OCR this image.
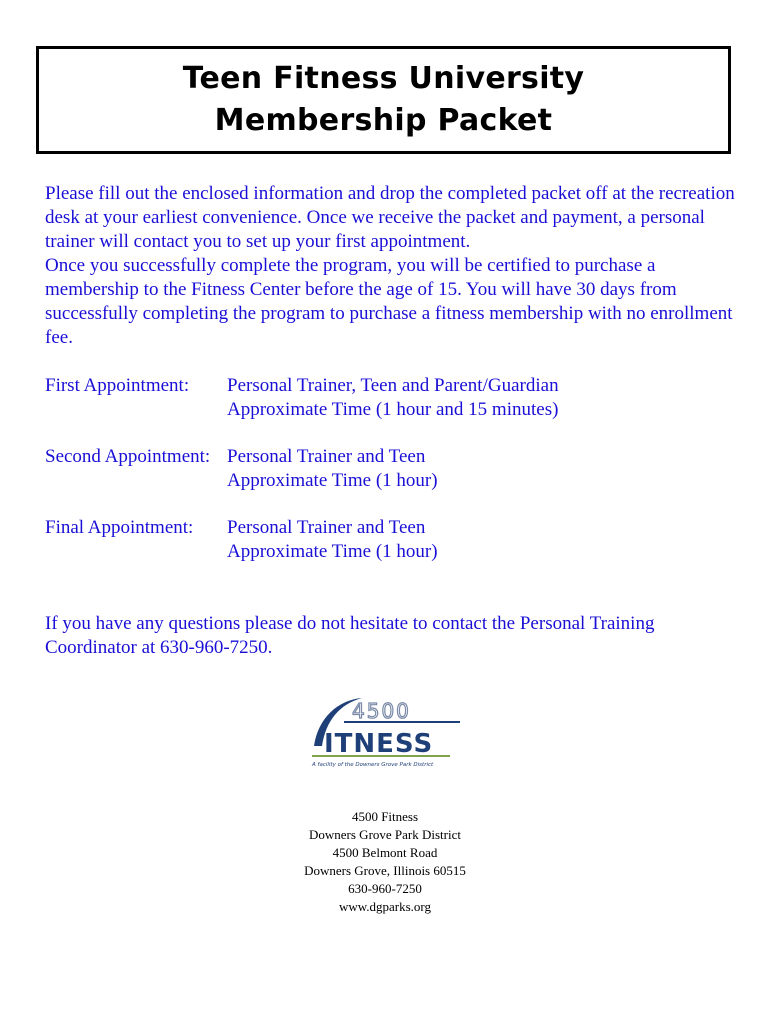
Teen Fitness University
Membership Packet

Please fill out the enclosed information and drop the completed packet off at the recreation desk at your earliest convenience. Once we receive the packet and payment, a personal trainer will contact you to set up your first appointment.

Once you successfully complete the program, you will be certified to purchase a membership to the Fitness Center before the age of 15. You will have 30 days from successfully completing the program to purchase a fitness membership with no enrollment fee.

First Appointment:	Personal Trainer, Teen and Parent/Guardian
Approximate Time (1 hour and 15 minutes)
Second Appointment: Personal Trainer and Teen
Approximate Time (1 hour)
Final Appointment:	Personal Trainer and Teen
Approximate Time (1 hour)
If you have any questions please do not hesitate to contact the Personal Training Coordinator at 630-960-7250.
4500
ITNESS
A facility of the Downers Grove Park District
4500 Fitness
Downers Grove Park District
4500 Belmont Road
Downers Grove, Illinois 60515
630-960-7250
www.dgparks.org
